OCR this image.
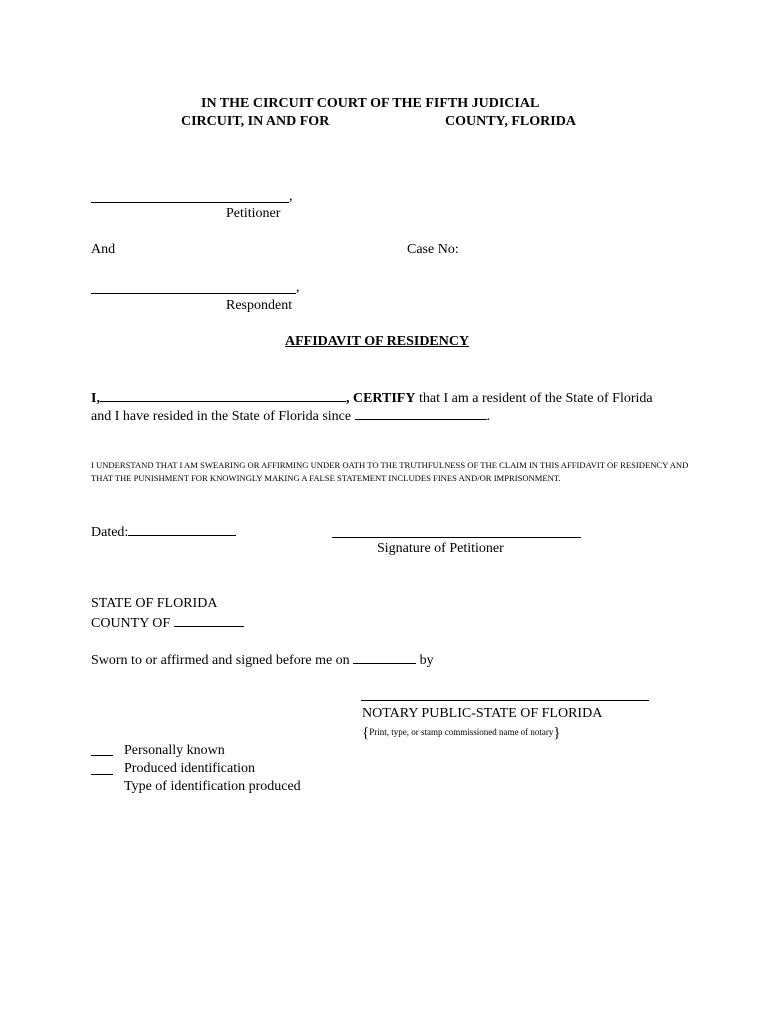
IN THE CIRCUIT COURT OF THE FIFTH JUDICIAL
CIRCUIT, IN AND FOR	COUNTY, FLORIDA
,
Petitioner
And	Case No:
,
Respondent
AFFIDAVIT OF RESIDENCY
I,	, CERTIFY that I am a resident of the State of Florida
and I have resided in the State of Florida since	.
I UNDERSTAND THAT I AM SWEARING OR AFFIRMING UNDER OATH TO THE TRUTHFULNESS OF THE CLAIM IN THIS AFFIDAVIT OF RESIDENCY AND THAT THE PUNISHMENT FOR KNOWINGLY MAKING A FALSE STATEMENT INCLUDES FINES AND/OR IMPRISONMENT.
Dated:
Signature of Petitioner
STATE OF FLORIDA
COUNTY OF
Sworn to or affirmed and signed before me on	by
NOTARY PUBLIC-STATE OF FLORIDA
{Print, type, or stamp commissioned name of notary}
Personally known
Produced identification
Type of identification produced
